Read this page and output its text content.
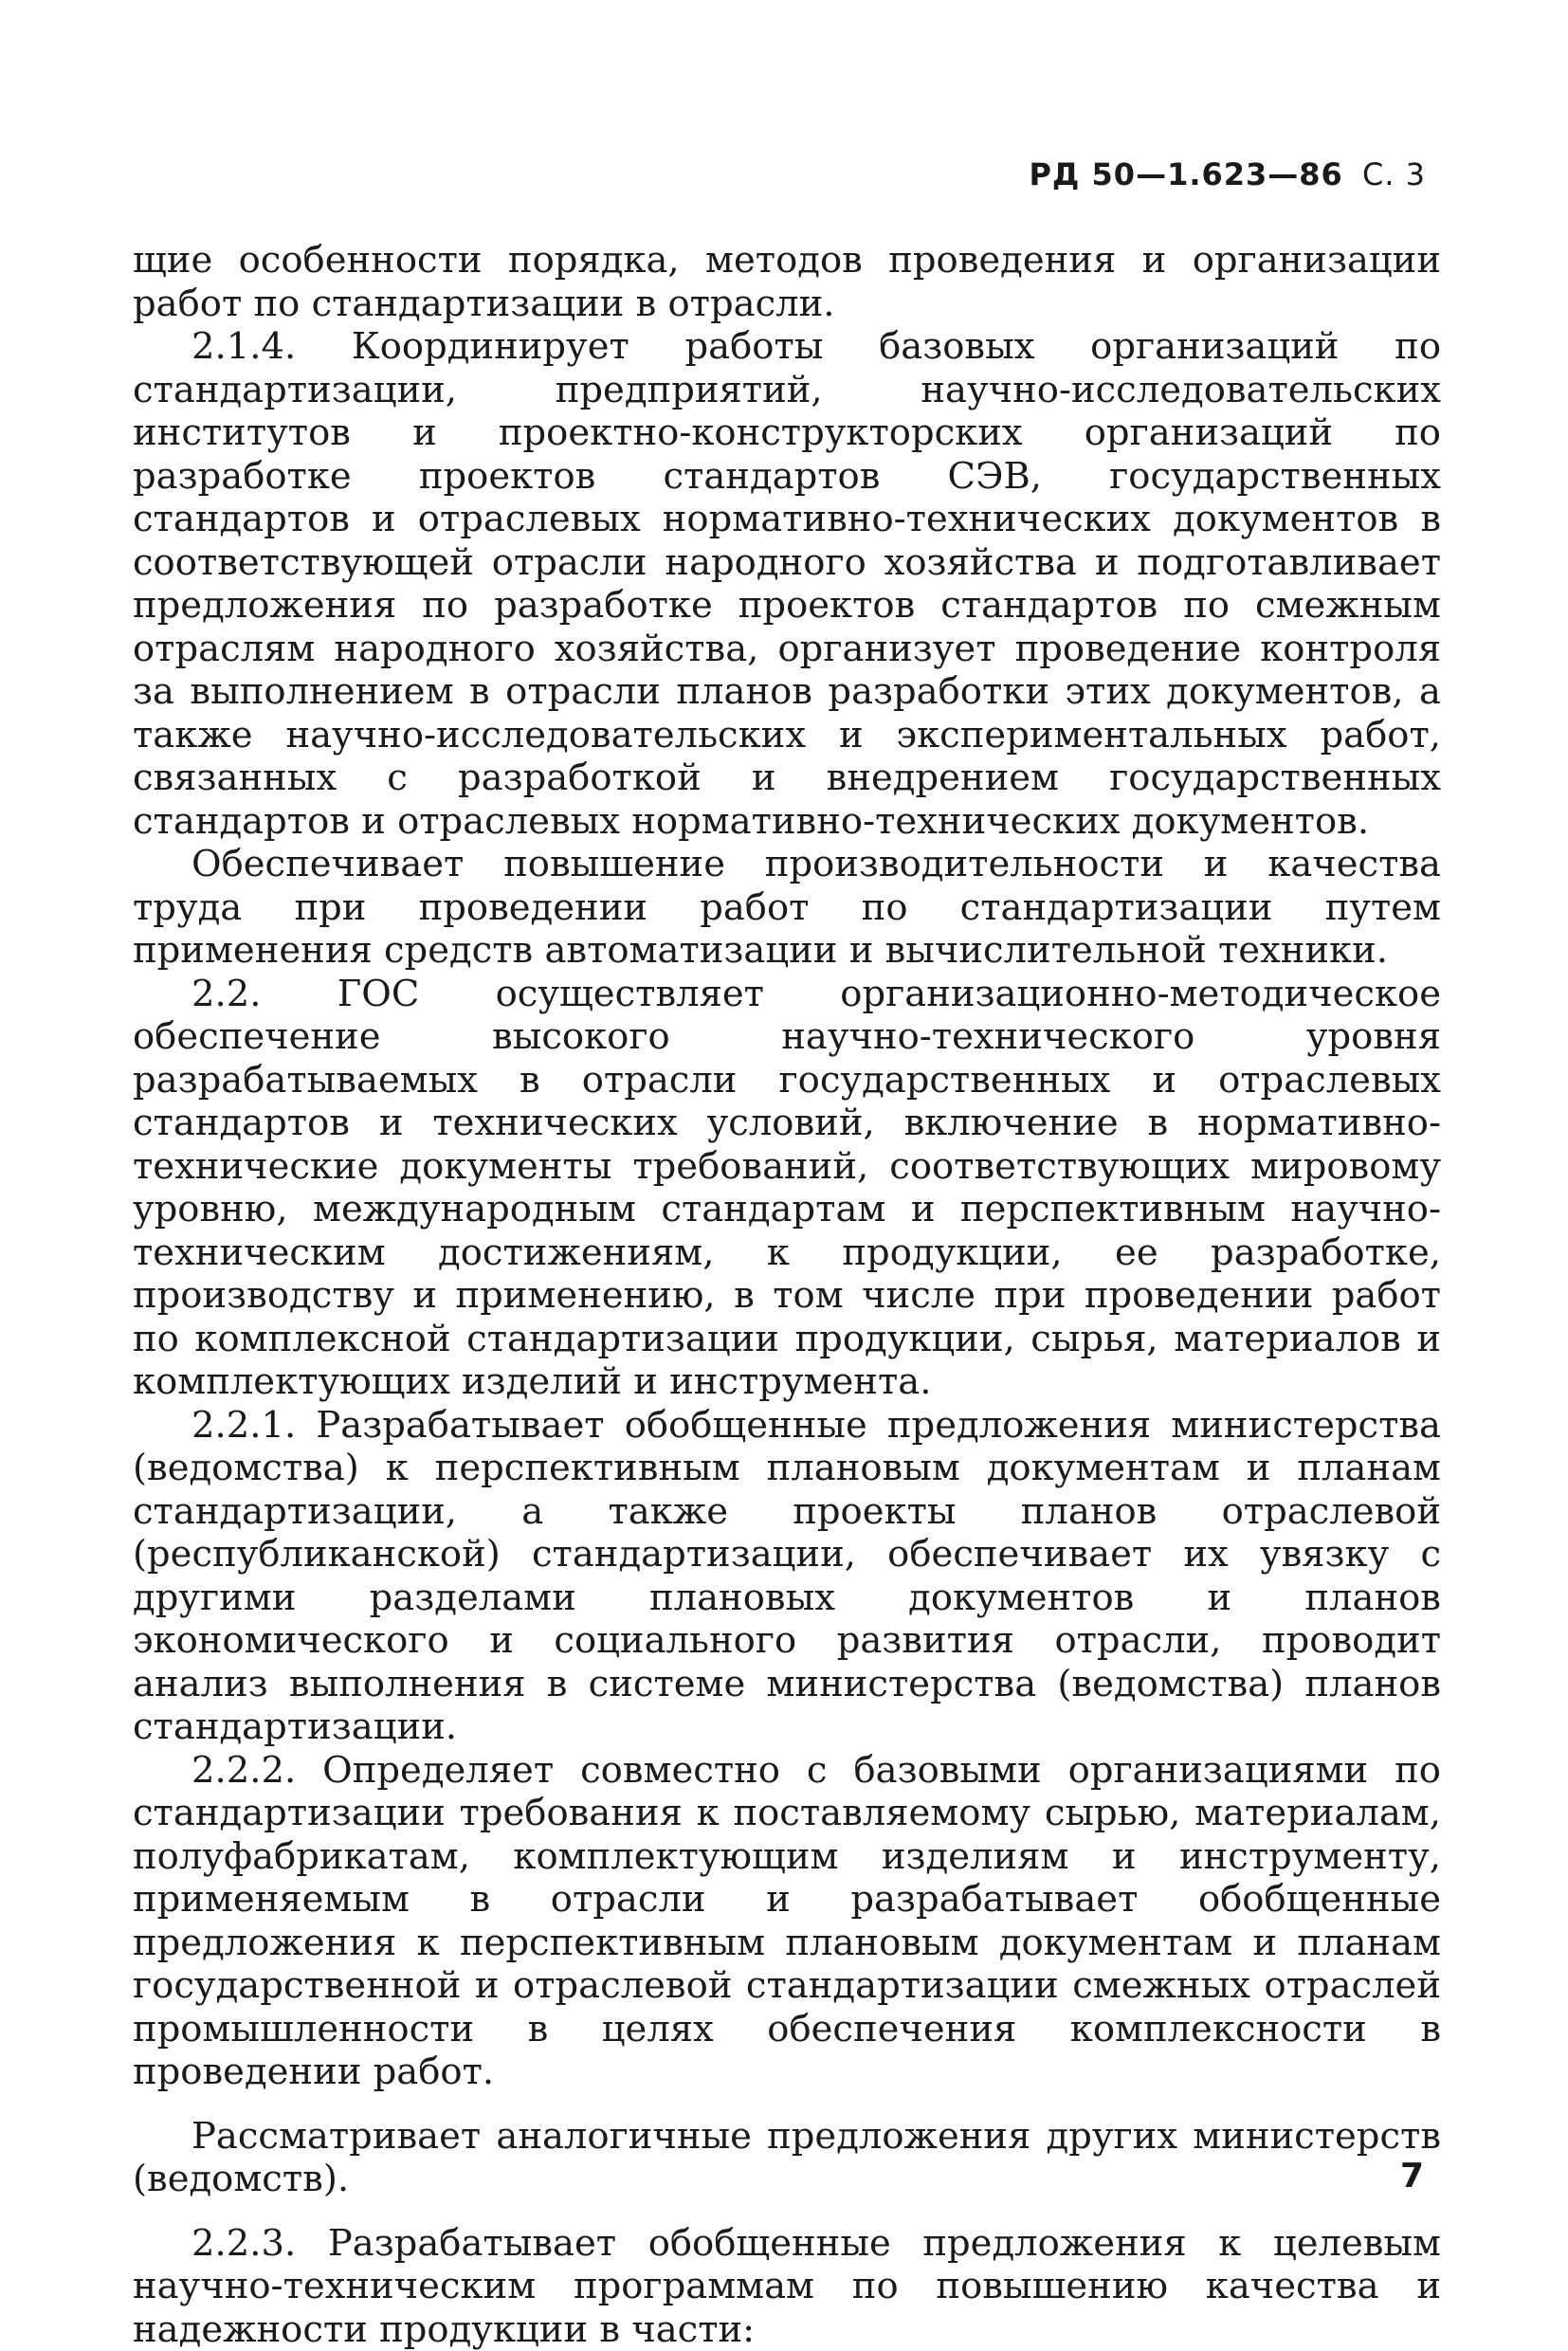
РД 50—1.623—86 С. 3

щие особенности порядка, методов проведения и организации работ по стандартизации в отрасли.

2.1.4. Координирует работы базовых организаций по стандартизации, предприятий, научно-исследовательских институтов и проектно-конструкторских организаций по разработке проектов стандартов СЭВ, государственных стандартов и отраслевых нормативно-технических документов в соответствующей отрасли народного хозяйства и подготавливает предложения по разработке проектов стандартов по смежным отраслям народного хозяйства, организует проведение контроля за выполнением в отрасли планов разработки этих документов, а также научно-исследовательских и экспериментальных работ, связанных с разработкой и внедрением государственных стандартов и отраслевых нормативно-технических документов.

Обеспечивает повышение производительности и качества труда при проведении работ по стандартизации путем применения средств автоматизации и вычислительной техники.

2.2. ГОС осуществляет организационно-методическое обеспечение высокого научно-технического уровня разрабатываемых в отрасли государственных и отраслевых стандартов и технических условий, включение в нормативно-технические документы требований, соответствующих мировому уровню, международным стандартам и перспективным научно-техническим достижениям, к продукции, ее разработке, производству и применению, в том числе при проведении работ по комплексной стандартизации продукции, сырья, материалов и комплектующих изделий и инструмента.

2.2.1. Разрабатывает обобщенные предложения министерства (ведомства) к перспективным плановым документам и планам стандартизации, а также проекты планов отраслевой (республиканской) стандартизации, обеспечивает их увязку с другими разделами плановых документов и планов экономического и социального развития отрасли, проводит анализ выполнения в системе министерства (ведомства) планов стандартизации.

2.2.2. Определяет совместно с базовыми организациями по стандартизации требования к поставляемому сырью, материалам, полуфабрикатам, комплектующим изделиям и инструменту, применяемым в отрасли и разрабатывает обобщенные предложения к перспективным плановым документам и планам государственной и отраслевой стандартизации смежных отраслей промышленности в целях обеспечения комплексности в проведении работ.

Рассматривает аналогичные предложения других министерств (ведомств).

2.2.3. Разрабатывает обобщенные предложения к целевым научно-техническим программам по повышению качества и надежности продукции в части:

7
